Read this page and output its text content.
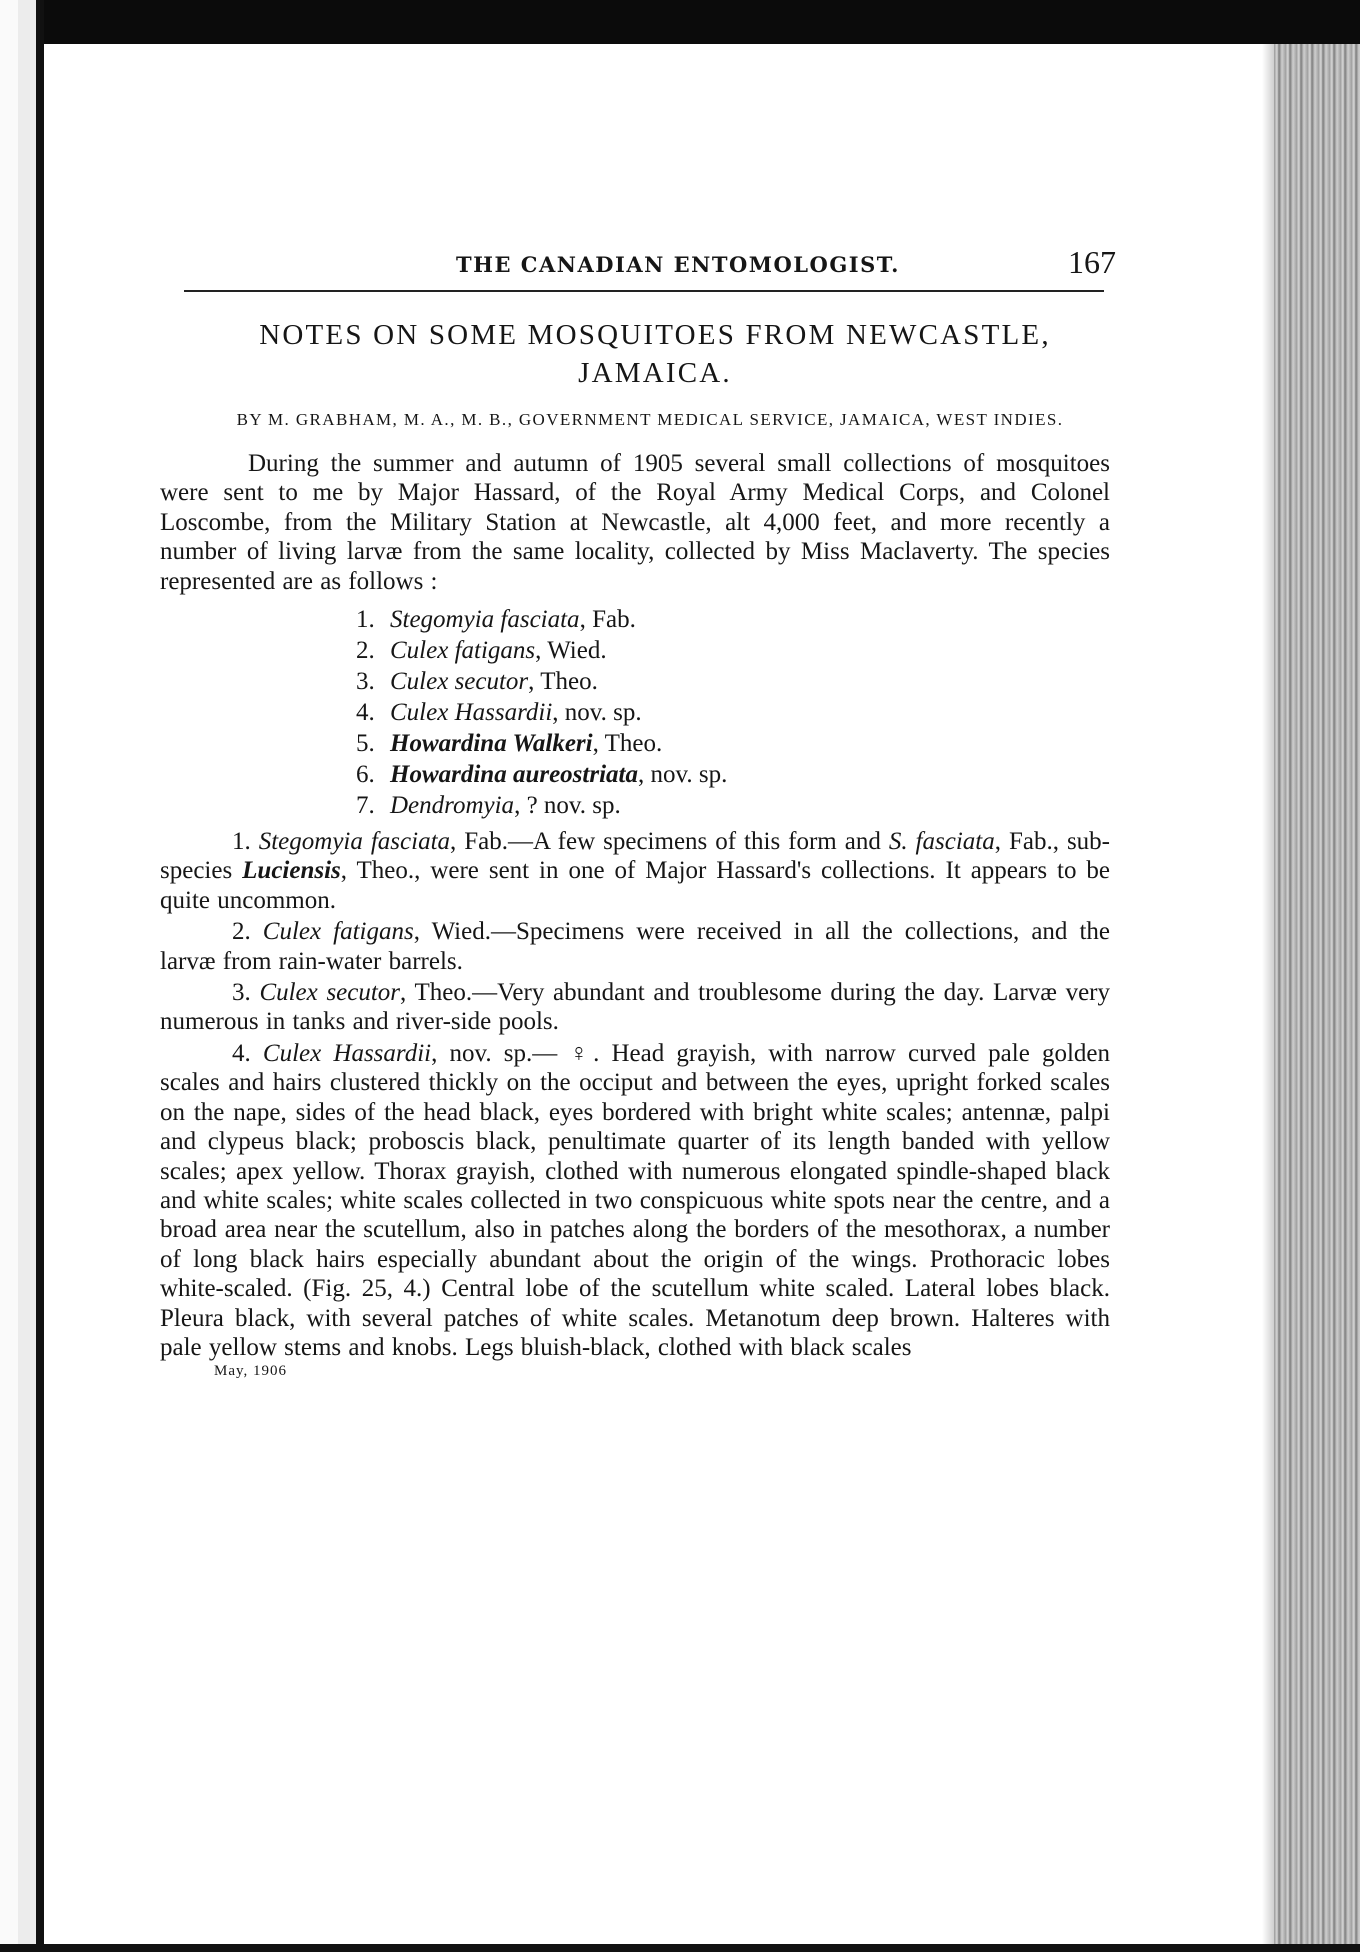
THE CANADIAN ENTOMOLOGIST.	167
NOTES ON SOME MOSQUITOES FROM NEWCASTLE, JAMAICA.
BY M. GRABHAM, M. A., M. B., GOVERNMENT MEDICAL SERVICE, JAMAICA, WEST INDIES.

During the summer and autumn of 1905 several small collections of mosquitoes were sent to me by Major Hassard, of the Royal Army Medical Corps, and Colonel Loscombe, from the Military Station at Newcastle, alt 4,000 feet, and more recently a number of living larvæ from the same locality, collected by Miss Maclaverty. The species represented are as follows :

1. Stegomyia fasciata, Fab.
2. Culex fatigans, Wied.
3. Culex secutor, Theo.
4. Culex Hassardii, nov. sp.
5. Howardina Walkeri, Theo.
6. Howardina aureostriata, nov. sp.
7. Dendromyia, ? nov. sp.

1. Stegomyia fasciata, Fab.—A few specimens of this form and S. fasciata, Fab., sub-species Luciensis, Theo., were sent in one of Major Hassard's collections. It appears to be quite uncommon.

2. Culex fatigans, Wied.—Specimens were received in all the collections, and the larvæ from rain-water barrels.

3. Culex secutor, Theo.—Very abundant and troublesome during the day. Larvæ very numerous in tanks and river-side pools.

4. Culex Hassardii, nov. sp.— ♀. Head grayish, with narrow curved pale golden scales and hairs clustered thickly on the occiput and between the eyes, upright forked scales on the nape, sides of the head black, eyes bordered with bright white scales; antennæ, palpi and clypeus black; proboscis black, penultimate quarter of its length banded with yellow scales; apex yellow. Thorax grayish, clothed with numerous elongated spindle-shaped black and white scales; white scales collected in two conspicuous white spots near the centre, and a broad area near the scutellum, also in patches along the borders of the mesothorax, a number of long black hairs especially abundant about the origin of the wings. Prothoracic lobes white-scaled. (Fig. 25, 4.) Central lobe of the scutellum white scaled. Lateral lobes black. Pleura black, with several patches of white scales. Metanotum deep brown. Halteres with pale yellow stems and knobs. Legs bluish-black, clothed with black scales

May, 1906
